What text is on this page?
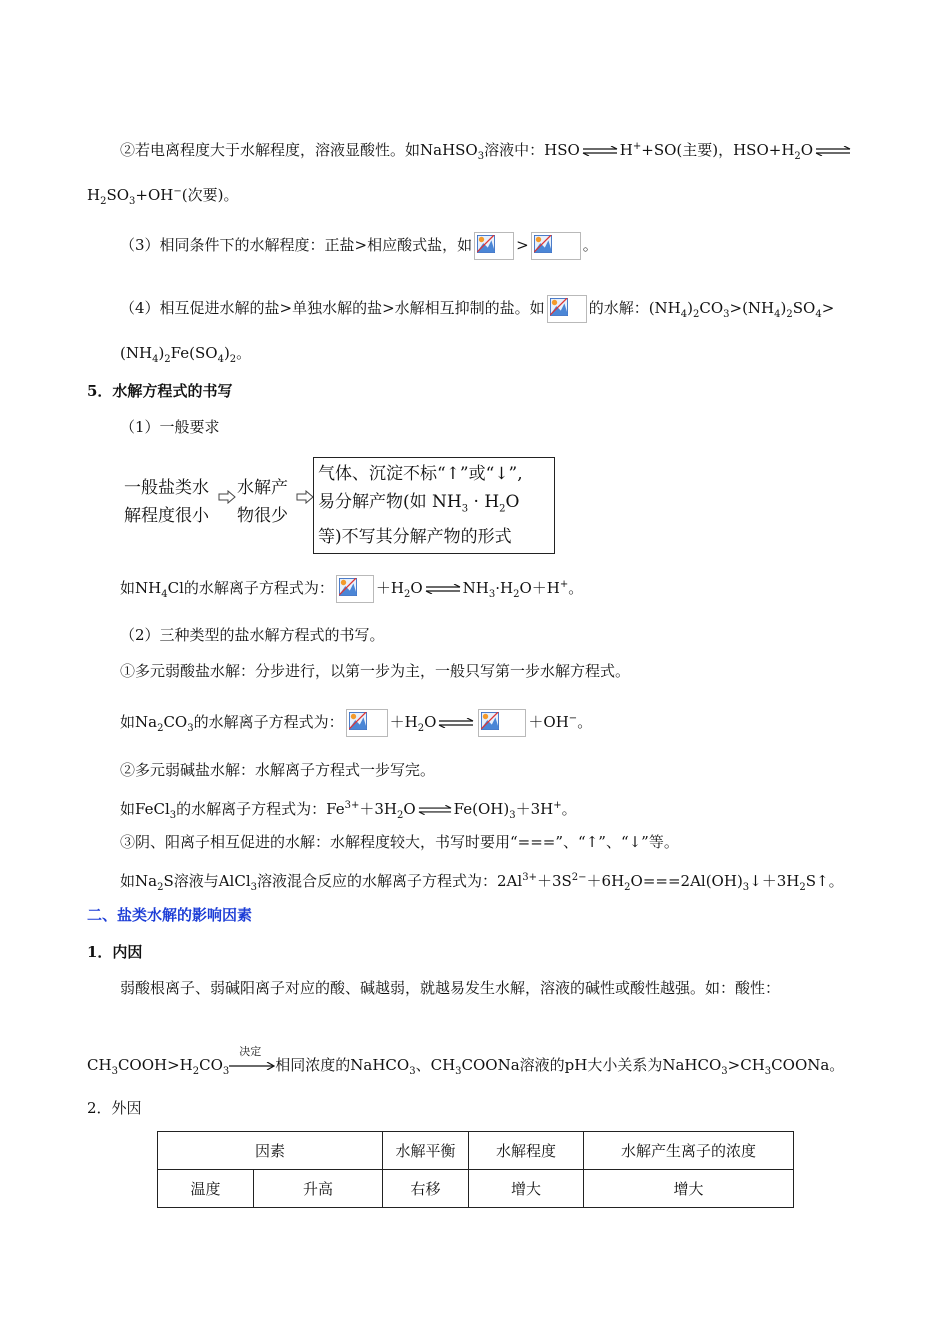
②若电离程度大于水解程度，溶液显酸性。如NaHSO$_3$溶液中：HSO	H++SO(主要)，$HSO+H_2O$
$H_2SO_3+OH^-$(次要)。
（3）相同条件下的水解程度：正盐>相应酸式盐，如	>	。
（4）相互促进水解的盐>单独水解的盐>水解相互抑制的盐。如	的水解：$(NH_4)_2CO_3>(NH_4)_2SO_4>$
$(NH_4)_2Fe(SO_4)_2$。
5．水解方程式的书写
（1）一般要求
一般盐类水
解程度很小
水解产
物很少
气体、沉淀不标“↑”或“↓”,
易分解产物(如 $NH_3 \cdot H_2O$
等)不写其分解产物的形式
如$NH_4Cl$的水解离子方程式为：	$+H_2O$	$NH_3\cdot H_2O+H^+$。
（2）三种类型的盐水解方程式的书写。
①多元弱酸盐水解：分步进行，以第一步为主，一般只写第一步水解方程式。
如$Na_2CO_3$的水解离子方程式为：	$+H_2O$	＋OH−。
②多元弱碱盐水解：水解离子方程式一步写完。
如FeCl$_3$的水解离子方程式为：$Fe^{3+}+3H_2O$	$Fe(OH)_3+3H^+$。
③阴、阳离子相互促进的水解：水解程度较大，书写时要用“===”、“↑”、“↓”等。
如$Na_2S$溶液与AlCl$_3$溶液混合反应的水解离子方程式为：$2Al^{3+}+3S^{2-}+6H_2O===2Al(OH)_3↓+3H_2S↑$。
二、盐类水解的影响因素
1．内因
弱酸根离子、弱碱阳离子对应的酸、碱越弱，就越易发生水解，溶液的碱性或酸性越强。如：酸性：
$CH_3COOH>H_2CO_3$
决定
相同浓度的NaHCO$_3$、$CH_3COONa$溶液的pH大小关系为$NaHCO_3>CH_3COONa$。
2．外因
因素		水解平衡	水解程度	水解产生离子的浓度
温度	升高	右移	增大	增大
